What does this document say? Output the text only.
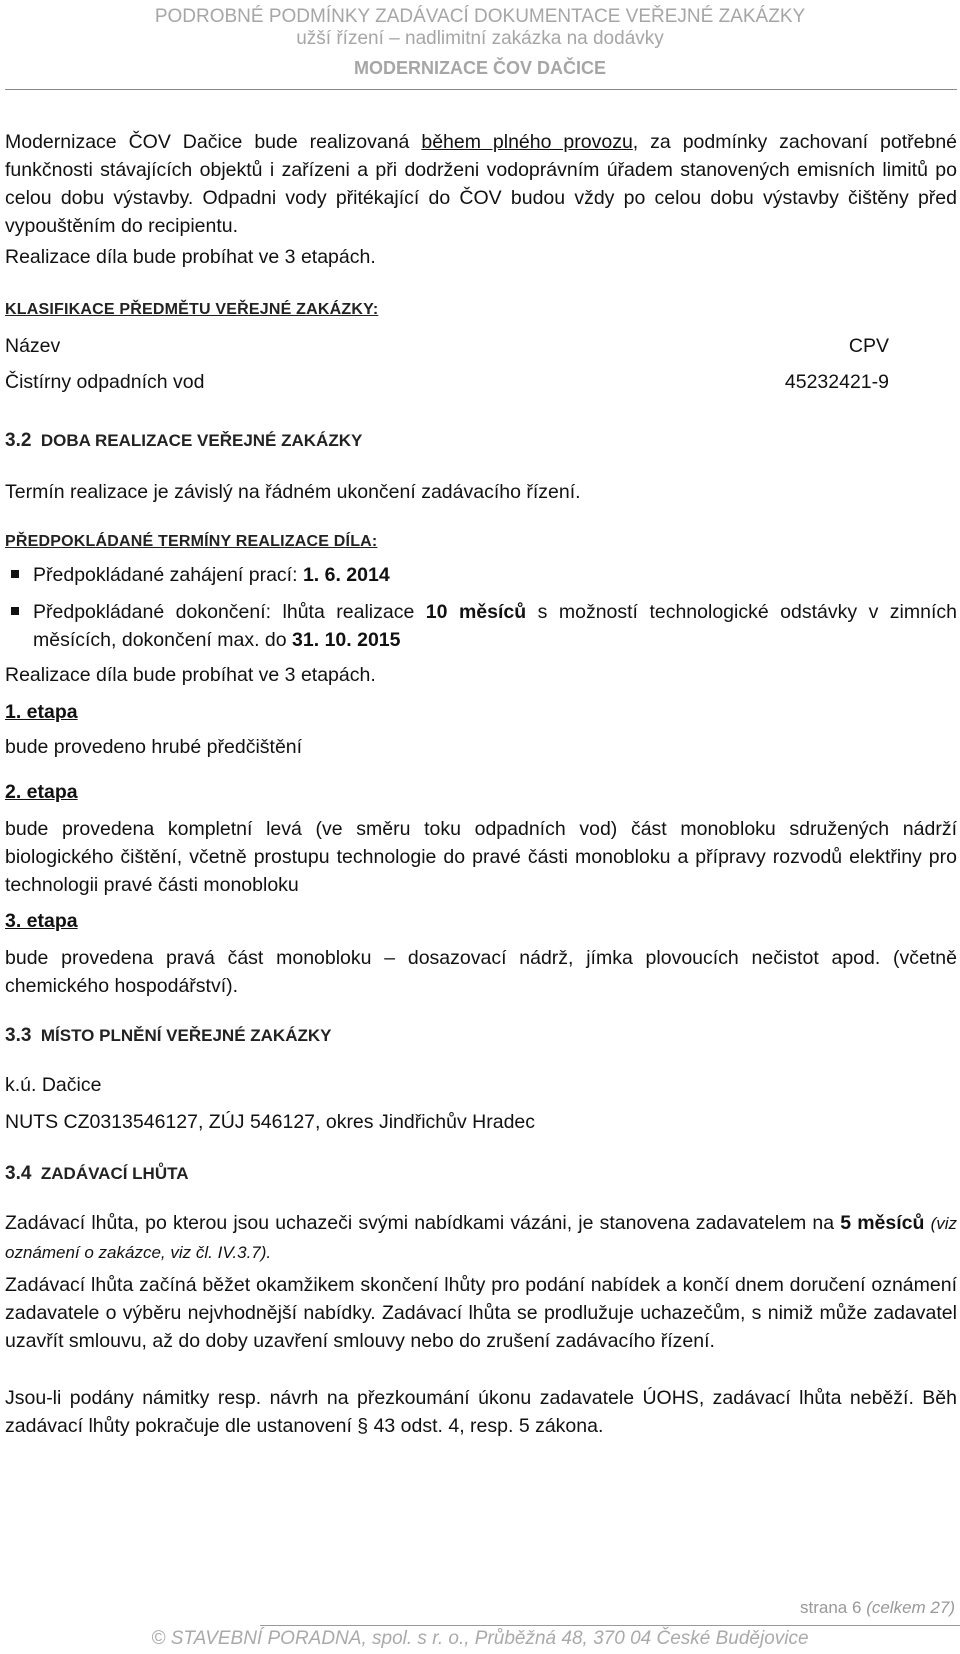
PODROBNÉ PODMÍNKY ZADÁVACÍ DOKUMENTACE VEŘEJNÉ ZAKÁZKY
užší řízení – nadlimitní zakázka na dodávky
MODERNIZACE ČOV DAČICE

Modernizace ČOV Dačice bude realizovaná během plného provozu, za podmínky zachovaní potřebné funkčnosti stávajících objektů i zařízeni a při dodrženi vodoprávním úřadem stanovených emisních limitů po celou dobu výstavby. Odpadni vody přitékající do ČOV budou vždy po celou dobu výstavby čištěny před vypouštěním do recipientu.

Realizace díla bude probíhat ve 3 etapách.

KLASIFIKACE PŘEDMĚTU VEŘEJNÉ ZAKÁZKY:

Název	CPV
Čistírny odpadních vod	45232421-9

3.2 DOBA REALIZACE VEŘEJNÉ ZAKÁZKY

Termín realizace je závislý na řádném ukončení zadávacího řízení.

PŘEDPOKLÁDANÉ TERMÍNY REALIZACE DÍLA:

Předpokládané zahájení prací: 1. 6. 2014

Předpokládané dokončení: lhůta realizace 10 měsíců s možností technologické odstávky v zimních měsících, dokončení max. do 31. 10. 2015

Realizace díla bude probíhat ve 3 etapách.

1. etapa

bude provedeno hrubé předčištění

2. etapa

bude provedena kompletní levá (ve směru toku odpadních vod) část monobloku sdružených nádrží biologického čištění, včetně prostupu technologie do pravé části monobloku a přípravy rozvodů elektřiny pro technologii pravé části monobloku

3. etapa

bude provedena pravá část monobloku – dosazovací nádrž, jímka plovoucích nečistot apod. (včetně chemického hospodářství).

3.3 MÍSTO PLNĚNÍ VEŘEJNÉ ZAKÁZKY

k.ú. Dačice

NUTS CZ0313546127, ZÚJ 546127, okres Jindřichův Hradec

3.4 ZADÁVACÍ LHŮTA

Zadávací lhůta, po kterou jsou uchazeči svými nabídkami vázáni, je stanovena zadavatelem na 5 měsíců (viz oznámení o zakázce, viz čl. IV.3.7).

Zadávací lhůta začíná běžet okamžikem skončení lhůty pro podání nabídek a končí dnem doručení oznámení zadavatele o výběru nejvhodnější nabídky. Zadávací lhůta se prodlužuje uchazečům, s nimiž může zadavatel uzavřít smlouvu, až do doby uzavření smlouvy nebo do zrušení zadávacího řízení.

Jsou-li podány námitky resp. návrh na přezkoumání úkonu zadavatele ÚOHS, zadávací lhůta neběží. Běh zadávací lhůty pokračuje dle ustanovení § 43 odst. 4, resp. 5 zákona.

strana 6 (celkem 27)
© STAVEBNÍ PORADNA, spol. s r. o., Průběžná 48, 370 04 České Budějovice
